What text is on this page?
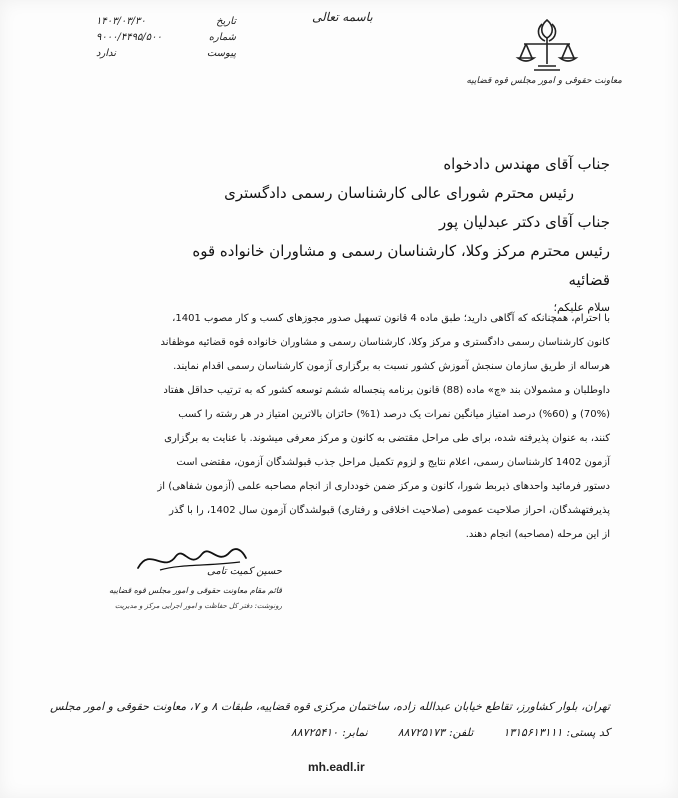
معاونت حقوقی و امور مجلس قوه قضاییه
باسمه تعالی
تاریخ
۱۴۰۳/۰۳/۳۰
شماره
۹۰۰۰/۴۴۹۵/۵۰۰
پیوست
ندارد
جناب آقای مهندس دادخواه
رئیس محترم شورای عالی کارشناسان رسمی دادگستری
جناب آقای دکتر عبدلیان پور
رئیس محترم مرکز وکلا، کارشناسان رسمی و مشاوران خانواده قوه
قضائیه
سلام علیکم؛
با احترام، همچنانکه که آگاهی دارید؛ طبق ماده 4 قانون تسهیل صدور مجوزهای کسب و کار مصوب 1401،
کانون کارشناسان رسمی دادگستری و مرکز وکلا، کارشناسان رسمی و مشاوران خانواده قوه قضائیه موظفاند
هرساله از طریق سازمان سنجش آموزش کشور نسبت به برگزاری آزمون کارشناسان رسمی اقدام نمایند.
داوطلبان و مشمولان بند «چ» ماده (88) قانون برنامه پنجساله ششم توسعه کشور که به ترتیب حداقل هفتاد
(70%) و (60%) درصد امتیاز میانگین نمرات یک درصد (1%) حائزان بالاترین امتیاز در هر رشته را کسب
کنند، به عنوان پذیرفته شده، برای طی مراحل مقتضی به کانون و مرکز معرفی میشوند. با عنایت به برگزاری
آزمون 1402 کارشناسان رسمی، اعلام نتایج و لزوم تکمیل مراحل جذب قبولشدگان آزمون، مقتضی است
دستور فرمائید واحدهای ذیربط شورا، کانون و مرکز ضمن خودداری از انجام مصاحبه علمی (آزمون شفاهی) از
پذیرفتهشدگان، احراز صلاحیت عمومی (صلاحیت اخلاقی و رفتاری) قبولشدگان آزمون سال 1402، را با گذر
از این مرحله (مصاحبه) انجام دهند.
حسین کمیت تامی
قائم مقام معاونت حقوقی و امور مجلس قوه قضاییه
رونوشت: دفتر کل حفاظت و امور اجرایی مرکز و مدیریت
تهران، بلوار کشاورز، تقاطع خیابان عبدالله زاده، ساختمان مرکزی قوه قضاییه، طبقات ۸ و ۷، معاونت حقوقی و امور مجلس
کد پستی:
۱۳۱۵۶۱۳۱۱۱
تلفن:
۸۸۷۲۵۱۷۳
نمابر:
۸۸۷۲۵۴۱۰
mh.eadl.ir
